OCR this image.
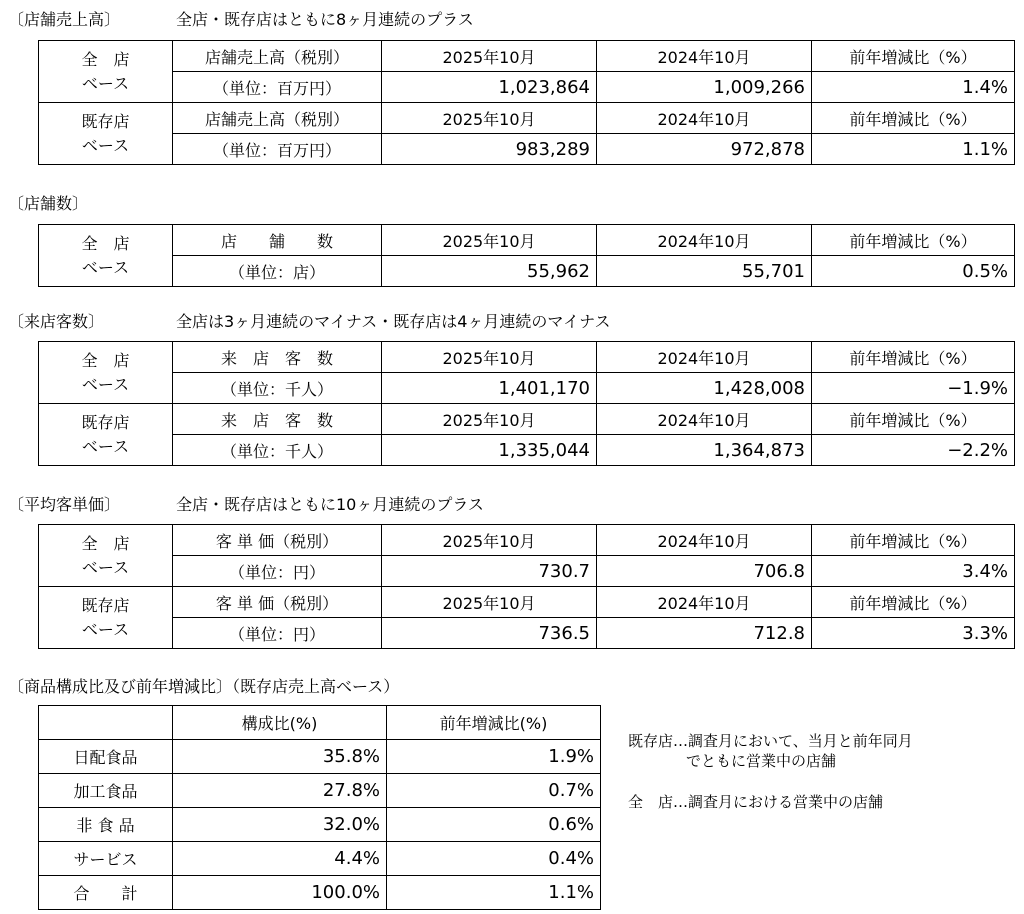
〔店舗売上高〕	全店・既存店はともに8ヶ月連続のプラス
全　店
ベース	店舗売上高（税別）	2025年10月	2024年10月	前年増減比（%）
	（単位：百万円）	1,023,864	1,009,266	1.4%
既存店
ベース	店舗売上高（税別）	2025年10月	2024年10月	前年増減比（%）
	（単位：百万円）	983,289	972,878	1.1%
〔店舗数〕
全　店
ベース	店　　舗　　数	2025年10月	2024年10月	前年増減比（%）
	（単位：店）	55,962	55,701	0.5%
〔来店客数〕	全店は3ヶ月連続のマイナス・既存店は4ヶ月連続のマイナス
全　店
ベース	来　店　客　数	2025年10月	2024年10月	前年増減比（%）
	（単位：千人）	1,401,170	1,428,008	−1.9%
既存店
ベース	来　店　客　数	2025年10月	2024年10月	前年増減比（%）
	（単位：千人）	1,335,044	1,364,873	−2.2%
〔平均客単価〕	全店・既存店はともに10ヶ月連続のプラス
全　店
ベース	客 単 価（税別）	2025年10月	2024年10月	前年増減比（%）
	（単位：円）	730.7	706.8	3.4%
既存店
ベース	客 単 価（税別）	2025年10月	2024年10月	前年増減比（%）
	（単位：円）	736.5	712.8	3.3%
〔商品構成比及び前年増減比〕（既存店売上高ベース）
	構成比(%)	前年増減比(%)
日配食品	35.8%	1.9%
加工食品	27.8%	0.7%
非 食 品	32.0%	0.6%
サービス	4.4%	0.4%
合　　計	100.0%	1.1%
既存店…調査月において、当月と前年同月
でともに営業中の店舗
全　店…調査月における営業中の店舗
